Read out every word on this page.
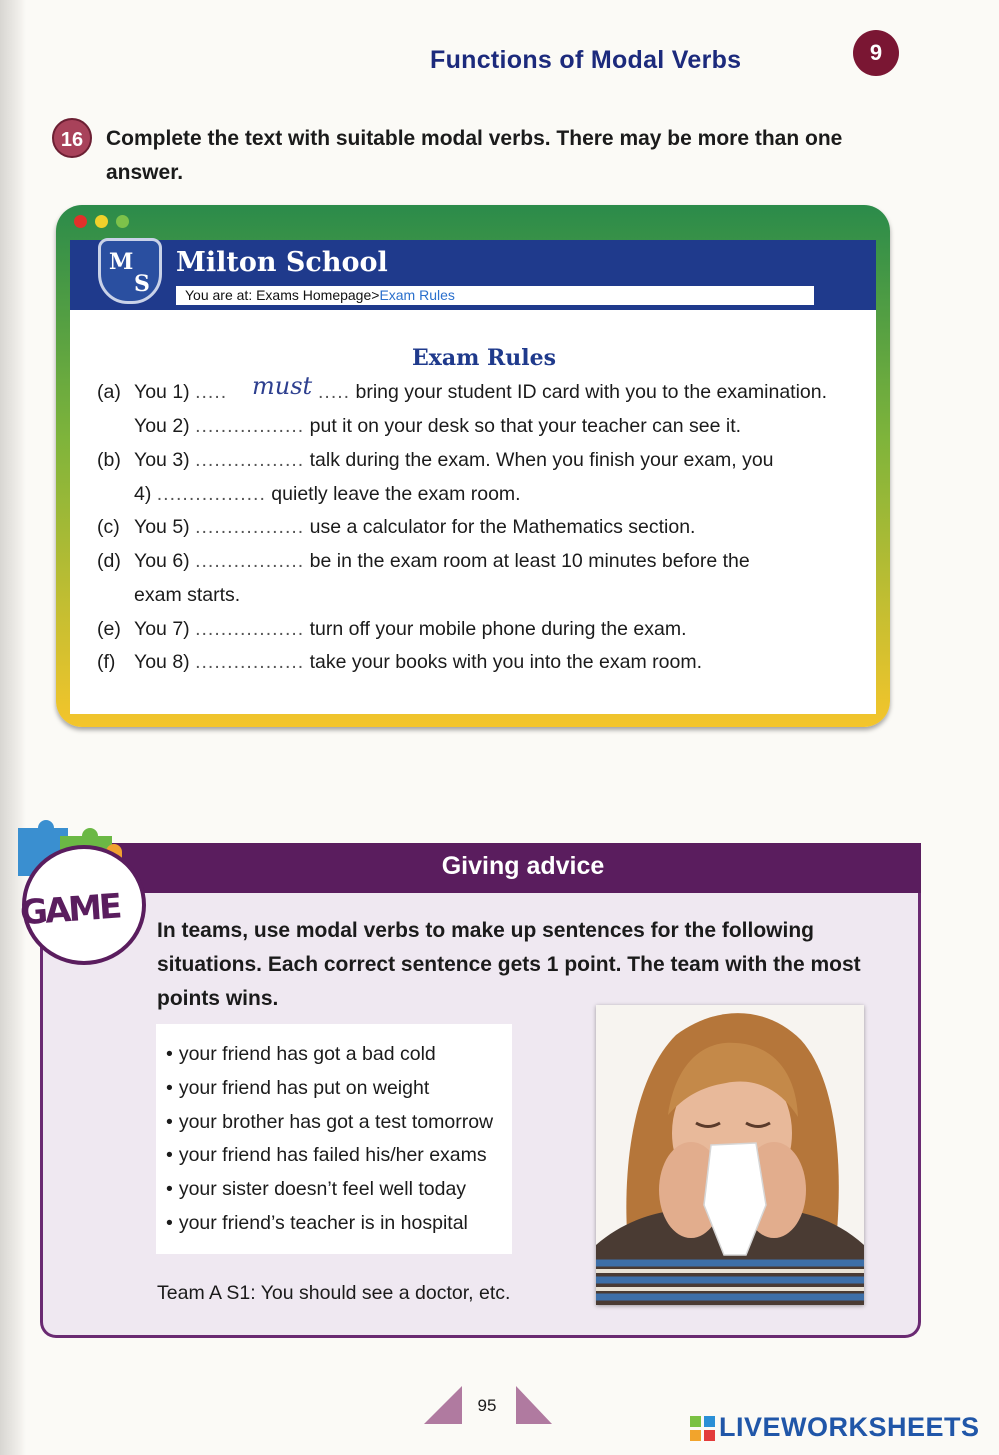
Functions of Modal Verbs	9
16	Complete the text with suitable modal verbs. There may be more than one answer.
M
S
Milton School
You are at: Exams Homepage>Exam Rules
Exam Rules
(a) You 1) ..... must ..... bring your student ID card with you to the examination.
You 2) ................. put it on your desk so that your teacher can see it.
(b) You 3) ................. talk during the exam. When you finish your exam, you
4) ................. quietly leave the exam room.
(c) You 5) ................. use a calculator for the Mathematics section.
(d) You 6) ................. be in the exam room at least 10 minutes before the
exam starts.
(e) You 7) ................. turn off your mobile phone during the exam.
(f) You 8) ................. take your books with you into the exam room.
Giving advice
GAME In teams, use modal verbs to make up sentences for the following situations. Each correct sentence gets 1 point. The team with the most points wins.
• your friend has got a bad cold
• your friend has put on weight
• your brother has got a test tomorrow
• your friend has failed his/her exams
• your sister doesn’t feel well today
• your friend’s teacher is in hospital
Team A S1: You should see a doctor, etc.
95
LIVEWORKSHEETS
